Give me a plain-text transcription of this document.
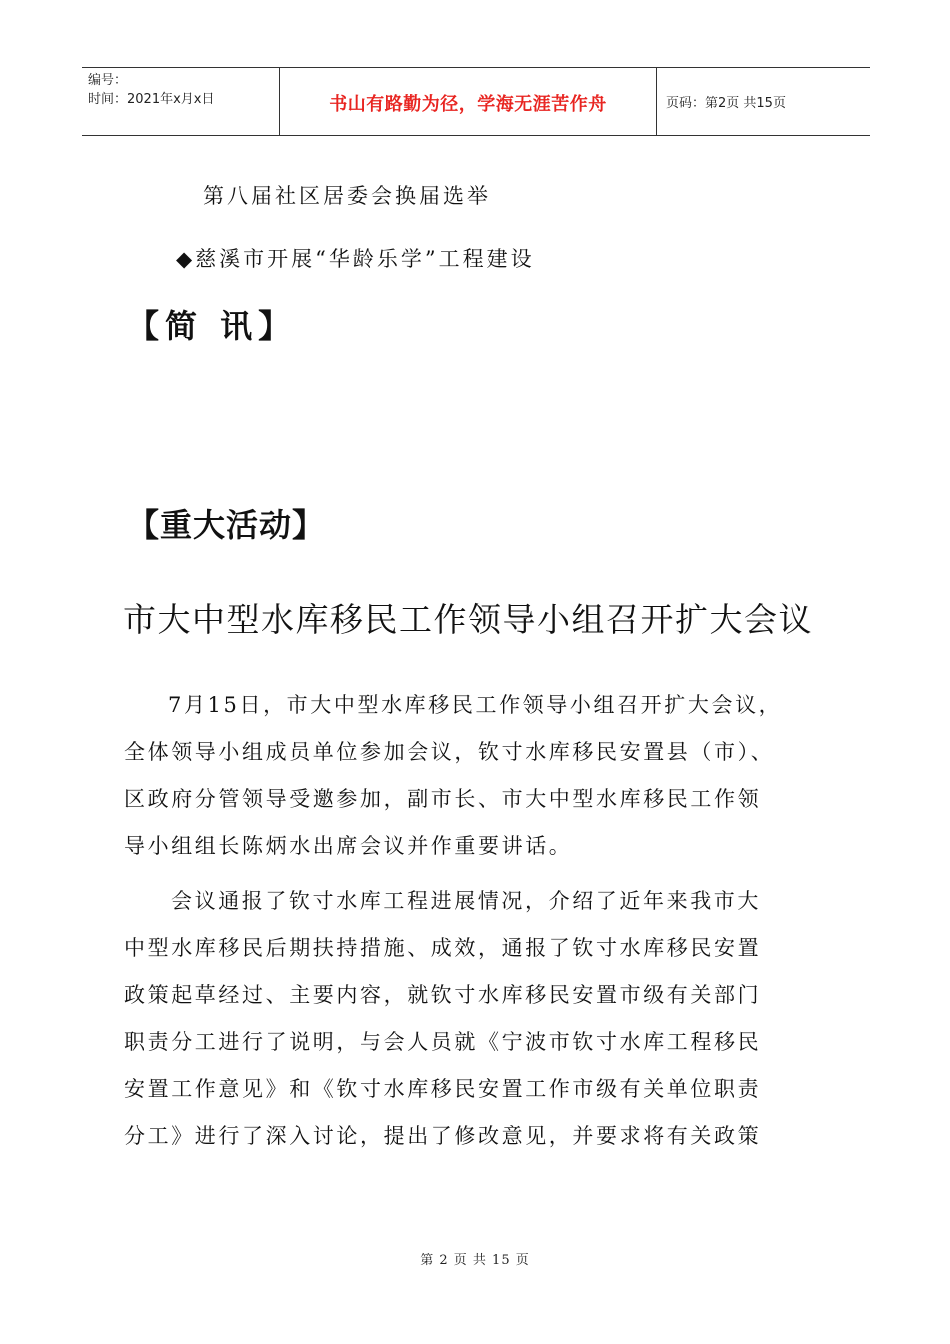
编号：
时间：2021年x月x日	书山有路勤为径，学海无涯苦作舟	页码：第2页 共15页
第八届社区居委会换届选举
◆慈溪市开展“华龄乐学”工程建设
【简 讯】
【重大活动】
市大中型水库移民工作领导小组召开扩大会议
7月15日，市大中型水库移民工作领导小组召开扩大会议，
全体领导小组成员单位参加会议，钦寸水库移民安置县（市）、
区政府分管领导受邀参加，副市长、市大中型水库移民工作领
导小组组长陈炳水出席会议并作重要讲话。
会议通报了钦寸水库工程进展情况，介绍了近年来我市大
中型水库移民后期扶持措施、成效，通报了钦寸水库移民安置
政策起草经过、主要内容，就钦寸水库移民安置市级有关部门
职责分工进行了说明，与会人员就《宁波市钦寸水库工程移民
安置工作意见》和《钦寸水库移民安置工作市级有关单位职责
分工》进行了深入讨论，提出了修改意见，并要求将有关政策
第 2 页 共 15 页
